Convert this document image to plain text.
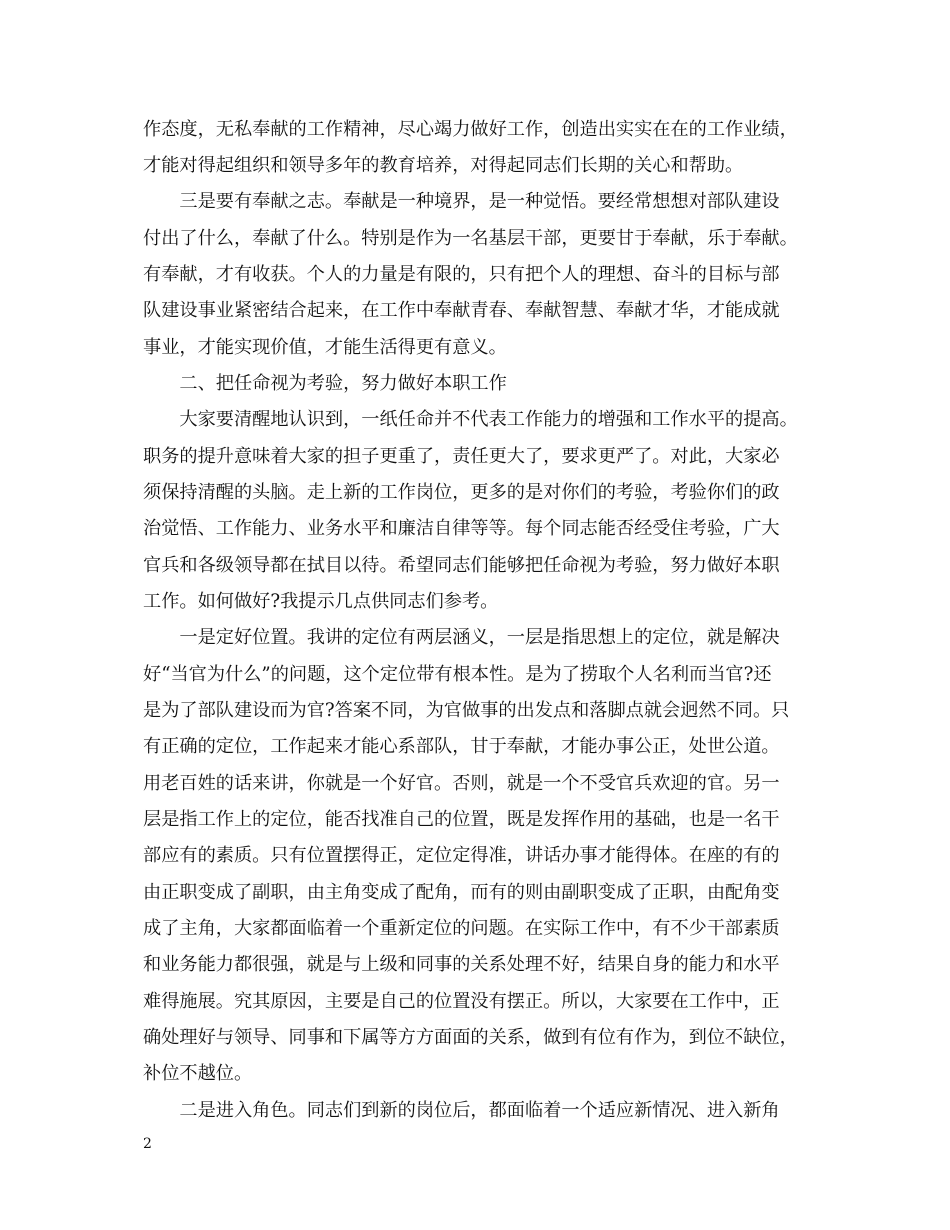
作态度，无私奉献的工作精神，尽心竭力做好工作，创造出实实在在的工作业绩，
才能对得起组织和领导多年的教育培养，对得起同志们长期的关心和帮助。
　　三是要有奉献之志。奉献是一种境界，是一种觉悟。要经常想想对部队建设
付出了什么，奉献了什么。特别是作为一名基层干部，更要甘于奉献，乐于奉献。
有奉献，才有收获。个人的力量是有限的，只有把个人的理想、奋斗的目标与部
队建设事业紧密结合起来，在工作中奉献青春、奉献智慧、奉献才华，才能成就
事业，才能实现价值，才能生活得更有意义。
　　二、把任命视为考验，努力做好本职工作
　　大家要清醒地认识到，一纸任命并不代表工作能力的增强和工作水平的提高。
职务的提升意味着大家的担子更重了，责任更大了，要求更严了。对此，大家必
须保持清醒的头脑。走上新的工作岗位，更多的是对你们的考验，考验你们的政
治觉悟、工作能力、业务水平和廉洁自律等等。每个同志能否经受住考验，广大
官兵和各级领导都在拭目以待。希望同志们能够把任命视为考验，努力做好本职
工作。如何做好?我提示几点供同志们参考。
　　一是定好位置。我讲的定位有两层涵义，一层是指思想上的定位，就是解决
好“当官为什么”的问题，这个定位带有根本性。是为了捞取个人名利而当官?还
是为了部队建设而为官?答案不同，为官做事的出发点和落脚点就会迥然不同。只
有正确的定位，工作起来才能心系部队，甘于奉献，才能办事公正，处世公道。
用老百姓的话来讲，你就是一个好官。否则，就是一个不受官兵欢迎的官。另一
层是指工作上的定位，能否找准自己的位置，既是发挥作用的基础，也是一名干
部应有的素质。只有位置摆得正，定位定得准，讲话办事才能得体。在座的有的
由正职变成了副职，由主角变成了配角，而有的则由副职变成了正职，由配角变
成了主角，大家都面临着一个重新定位的问题。在实际工作中，有不少干部素质
和业务能力都很强，就是与上级和同事的关系处理不好，结果自身的能力和水平
难得施展。究其原因，主要是自己的位置没有摆正。所以，大家要在工作中，正
确处理好与领导、同事和下属等方方面面的关系，做到有位有作为，到位不缺位，
补位不越位。
　　二是进入角色。同志们到新的岗位后，都面临着一个适应新情况、进入新角
2
